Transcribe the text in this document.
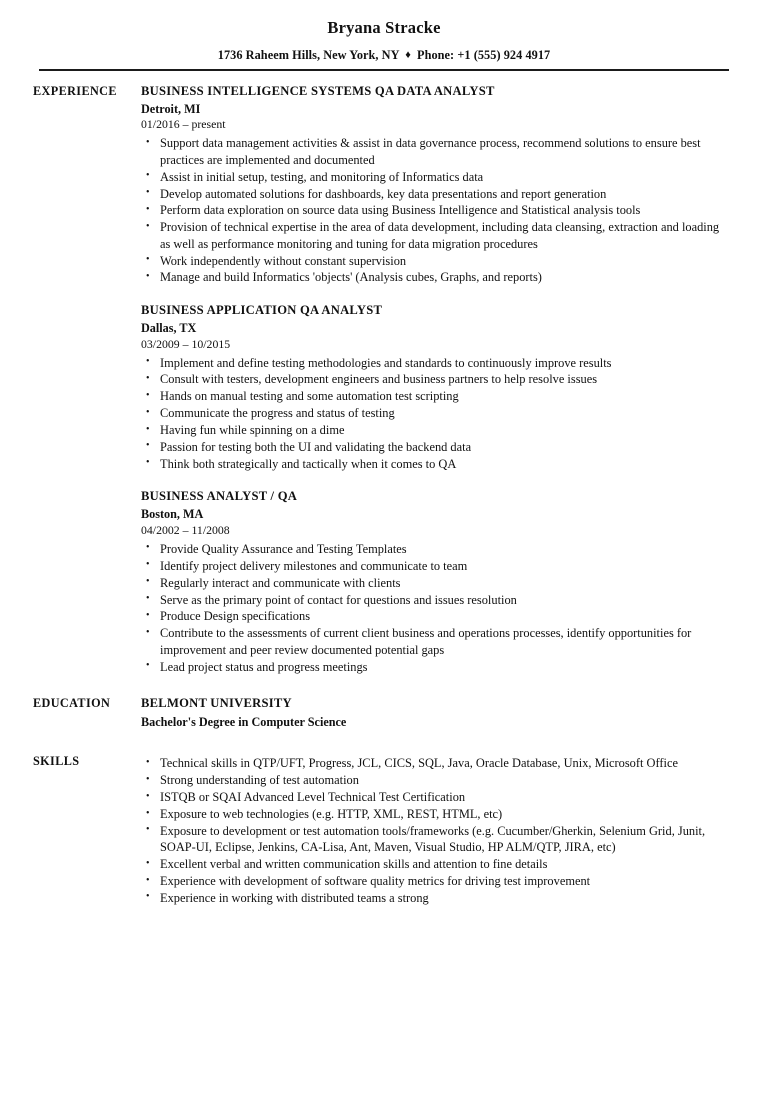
Bryana Stracke
1736 Raheem Hills, New York, NY ♦ Phone: +1 (555) 924 4917
EXPERIENCE	BUSINESS INTELLIGENCE SYSTEMS QA DATA ANALYST
Detroit, MI
01/2016 – present
• Support data management activities & assist in data governance process, recommend solutions to ensure best practices are implemented and documented
• Assist in initial setup, testing, and monitoring of Informatics data
• Develop automated solutions for dashboards, key data presentations and report generation
• Perform data exploration on source data using Business Intelligence and Statistical analysis tools
• Provision of technical expertise in the area of data development, including data cleansing, extraction and loading as well as performance monitoring and tuning for data migration procedures
• Work independently without constant supervision
• Manage and build Informatics 'objects' (Analysis cubes, Graphs, and reports)
BUSINESS APPLICATION QA ANALYST
Dallas, TX
03/2009 – 10/2015
• Implement and define testing methodologies and standards to continuously improve results
• Consult with testers, development engineers and business partners to help resolve issues
• Hands on manual testing and some automation test scripting
• Communicate the progress and status of testing
• Having fun while spinning on a dime
• Passion for testing both the UI and validating the backend data
• Think both strategically and tactically when it comes to QA
BUSINESS ANALYST / QA
Boston, MA
04/2002 – 11/2008
• Provide Quality Assurance and Testing Templates
• Identify project delivery milestones and communicate to team
• Regularly interact and communicate with clients
• Serve as the primary point of contact for questions and issues resolution
• Produce Design specifications
• Contribute to the assessments of current client business and operations processes, identify opportunities for improvement and peer review documented potential gaps
• Lead project status and progress meetings
EDUCATION	BELMONT UNIVERSITY
Bachelor's Degree in Computer Science
SKILLS	• Technical skills in QTP/UFT, Progress, JCL, CICS, SQL, Java, Oracle Database, Unix, Microsoft Office
• Strong understanding of test automation
• ISTQB or SQAI Advanced Level Technical Test Certification
• Exposure to web technologies (e.g. HTTP, XML, REST, HTML, etc)
• Exposure to development or test automation tools/frameworks (e.g. Cucumber/Gherkin, Selenium Grid, Junit, SOAP-UI, Eclipse, Jenkins, CA-Lisa, Ant, Maven, Visual Studio, HP ALM/QTP, JIRA, etc)
• Excellent verbal and written communication skills and attention to fine details
• Experience with development of software quality metrics for driving test improvement
• Experience in working with distributed teams a strong
